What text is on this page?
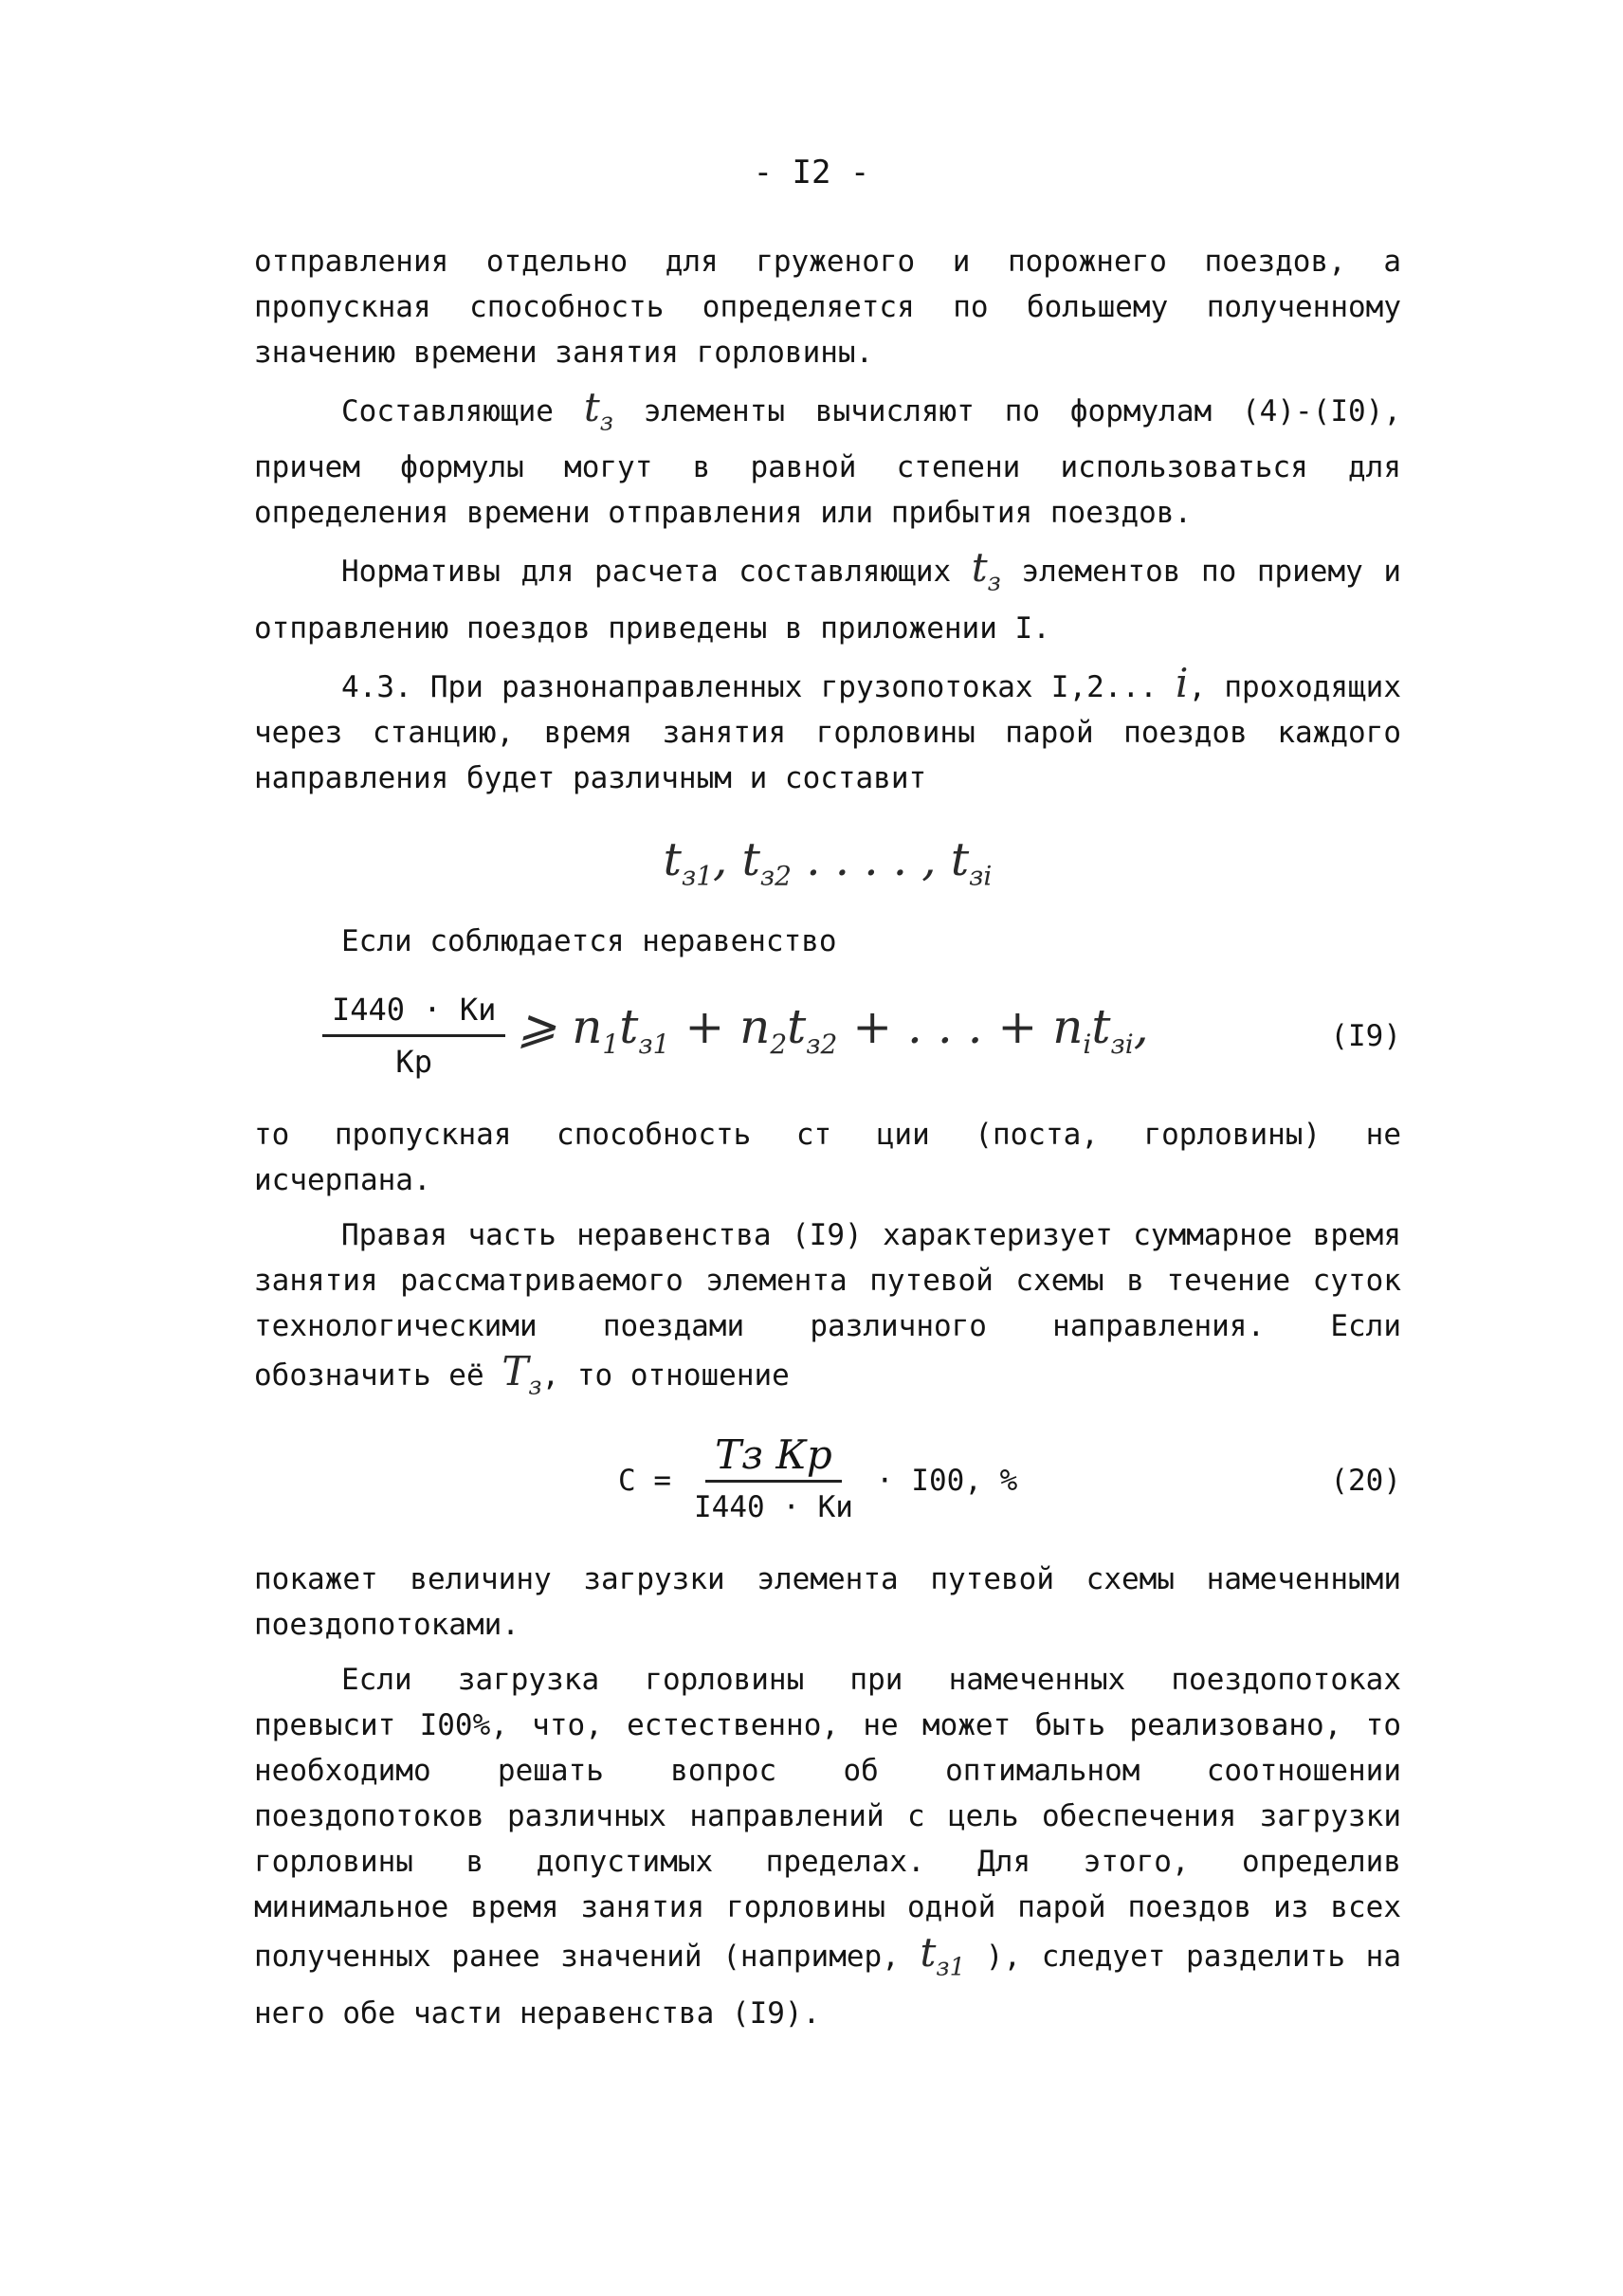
- I2 -

отправления отдельно для груженого и порожнего поездов, а пропускная способность определяется по большему полученному значению времени занятия горловины.

Составляющие $t_з$ элементы вычисляют по формулам (4)-(I0), причем формулы могут в равной степени использоваться для определения времени отправления или прибытия поездов.

Нормативы для расчета составляющих $t_з$ элементов по приему и отправлению поездов приведены в приложении I.

4.3. При разнонаправленных грузопотоках I,2... i, проходящих через станцию, время занятия горловины парой поездов каждого направления будет различным и составит

$t_{з1}$, $t_{з2}$ . . . . , $t_{зi}$

Если соблюдается неравенство

$\frac{I440 \cdot Ки}{Кр}$ ⩾ $n_1t_{з1} + n_2t_{з2}$ + . . . + $n_it_{зi}$,	(I9)

то пропускная способность ст ции (поста, горловины) не исчерпана.

Правая часть неравенства (I9) характеризует суммарное время занятия рассматриваемого элемента путевой схемы в течение суток технологическими поездами различного направления. Если обозначить её $Т_з$, то отношение

$С = \frac{\text{Тз Кр}}{I440 \cdot Ки} \cdot I00$, %	(20)

покажет величину загрузки элемента путевой схемы намеченными поездопотоками.

Если загрузка горловины при намеченных поездопотоках превысит I00%, что, естественно, не может быть реализовано, то необходимо решать вопрос об оптимальном соотношении поездопотоков различных направлений с цель обеспечения загрузки горловины в допустимых пределах. Для этого, определив минимальное время занятия горловины одной парой поездов из всех полученных ранее значений (например, $t_{з1}$ ), следует разделить на него обе части неравенства (I9).
